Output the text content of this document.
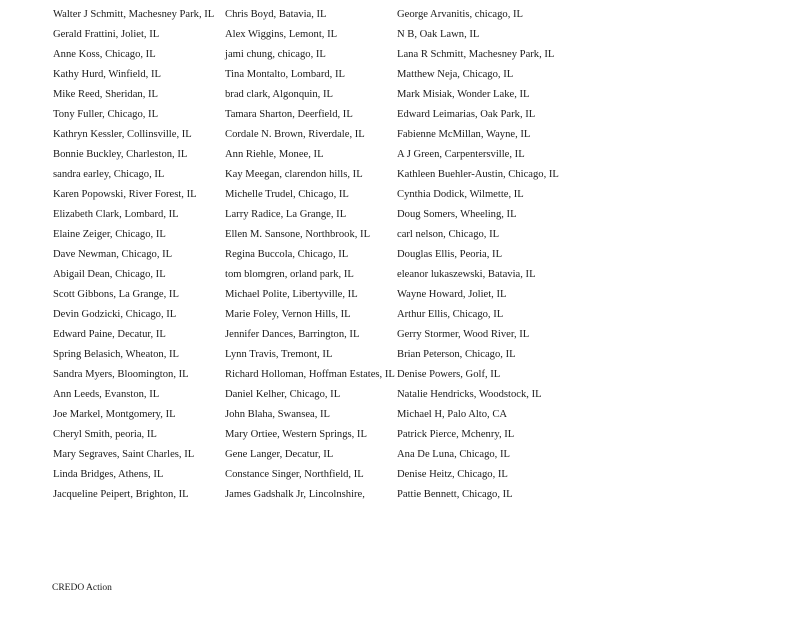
Walter J Schmitt, Machesney Park, IL	Chris Boyd, Batavia, IL	George Arvanitis, chicago, IL
Gerald Frattini, Joliet, IL	Alex Wiggins, Lemont, IL	N B, Oak Lawn, IL
Anne Koss, Chicago, IL	jami chung, chicago, IL	Lana R Schmitt, Machesney Park, IL
Kathy Hurd, Winfield, IL	Tina Montalto, Lombard, IL	Matthew Neja, Chicago, IL
Mike Reed, Sheridan, IL	brad clark, Algonquin, IL	Mark Misiak, Wonder Lake, IL
Tony Fuller, Chicago, IL	Tamara Sharton, Deerfield, IL	Edward Leimarias, Oak Park, IL
Kathryn Kessler, Collinsville, IL	Cordale N. Brown, Riverdale, IL	Fabienne McMillan, Wayne, IL
Bonnie Buckley, Charleston, IL	Ann Riehle, Monee, IL	A J Green, Carpentersville, IL
sandra earley, Chicago, IL	Kay Meegan, clarendon hills, IL	Kathleen Buehler-Austin, Chicago, IL
Karen Popowski, River Forest, IL	Michelle Trudel, Chicago, IL	Cynthia Dodick, Wilmette, IL
Elizabeth Clark, Lombard, IL	Larry Radice, La Grange, IL	Doug Somers, Wheeling, IL
Elaine Zeiger, Chicago, IL	Ellen M. Sansone, Northbrook, IL	carl nelson, Chicago, IL
Dave Newman, Chicago, IL	Regina Buccola, Chicago, IL	Douglas Ellis, Peoria, IL
Abigail Dean, Chicago, IL	tom blomgren, orland park, IL	eleanor lukaszewski, Batavia, IL
Scott Gibbons, La Grange, IL	Michael Polite, Libertyville, IL	Wayne Howard, Joliet, IL
Devin Godzicki, Chicago, IL	Marie Foley, Vernon Hills, IL	Arthur Ellis, Chicago, IL
Edward Paine, Decatur, IL	Jennifer Dances, Barrington, IL	Gerry Stormer, Wood River, IL
Spring Belasich, Wheaton, IL	Lynn Travis, Tremont, IL	Brian Peterson, Chicago, IL
Sandra Myers, Bloomington, IL	Richard Holloman, Hoffman Estates, IL	Denise Powers, Golf, IL
Ann Leeds, Evanston, IL	Daniel Kelher, Chicago, IL	Natalie Hendricks, Woodstock, IL
Joe Markel, Montgomery, IL	John Blaha, Swansea, IL	Michael H, Palo Alto, CA
Cheryl Smith, peoria, IL	Mary Ortiee, Western Springs, IL	Patrick Pierce, Mchenry, IL
Mary Segraves, Saint Charles, IL	Gene Langer, Decatur, IL	Ana De Luna, Chicago, IL
Linda Bridges, Athens, IL	Constance Singer, Northfield, IL	Denise Heitz, Chicago, IL
Jacqueline Peipert, Brighton, IL	James Gadshalk Jr, Lincolnshire,	Pattie Bennett, Chicago, IL
CREDO Action
